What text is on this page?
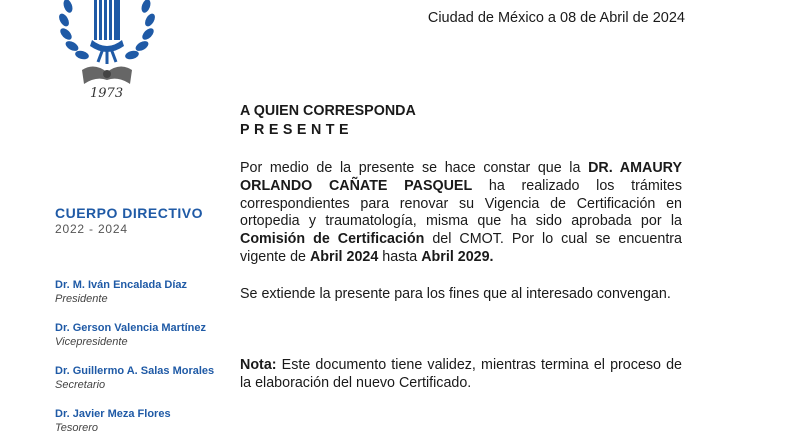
1973
Ciudad de México a 08 de Abril de 2024
CUERPO DIRECTIVO
2022 - 2024
Dr. M. Iván Encalada Díaz
Presidente
Dr. Gerson Valencia Martínez
Vicepresidente
Dr. Guillermo A. Salas Morales
Secretario
Dr. Javier Meza Flores
Tesorero
A QUIEN CORRESPONDA
PRESENTE
Por medio de la presente se hace constar que la DR. AMAURY ORLANDO CAÑATE PASQUEL ha realizado los trámites correspondientes para renovar su Vigencia de Certificación en ortopedia y traumatología, misma que ha sido aprobada por la Comisión de Certificación del CMOT. Por lo cual se encuentra vigente de Abril 2024 hasta Abril 2029.
Se extiende la presente para los fines que al interesado convengan.
Nota: Este documento tiene validez, mientras termina el proceso de la elaboración del nuevo Certificado.
